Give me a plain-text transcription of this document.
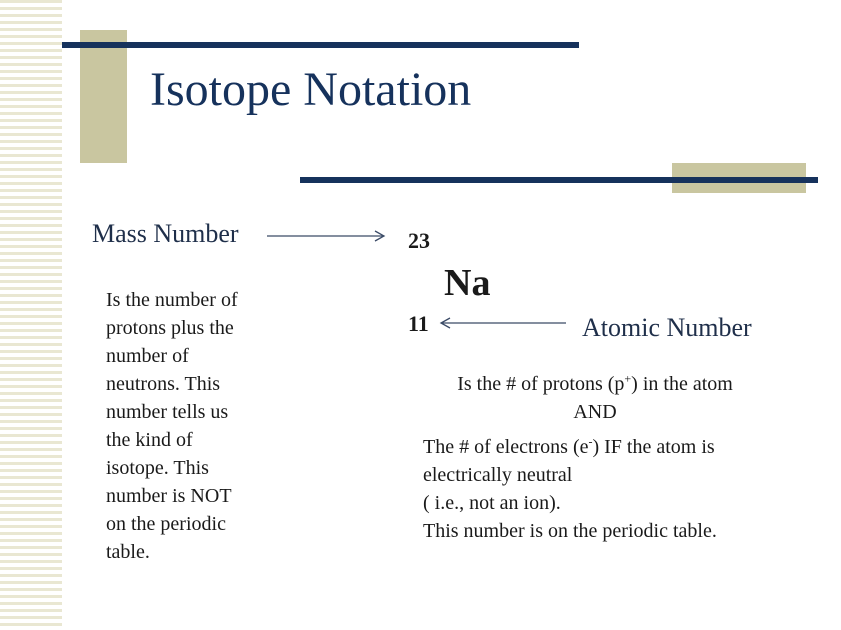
Isotope Notation
Mass Number	23
Na
11	Atomic Number
Is the number of
protons plus the
number of
neutrons. This
number tells us
the kind of
isotope. This
number is NOT
on the periodic
table.
Is the # of protons (p+) in the atom
AND
The # of electrons (e-) IF the atom is
electrically neutral
( i.e., not an ion).
This number is on the periodic table.
